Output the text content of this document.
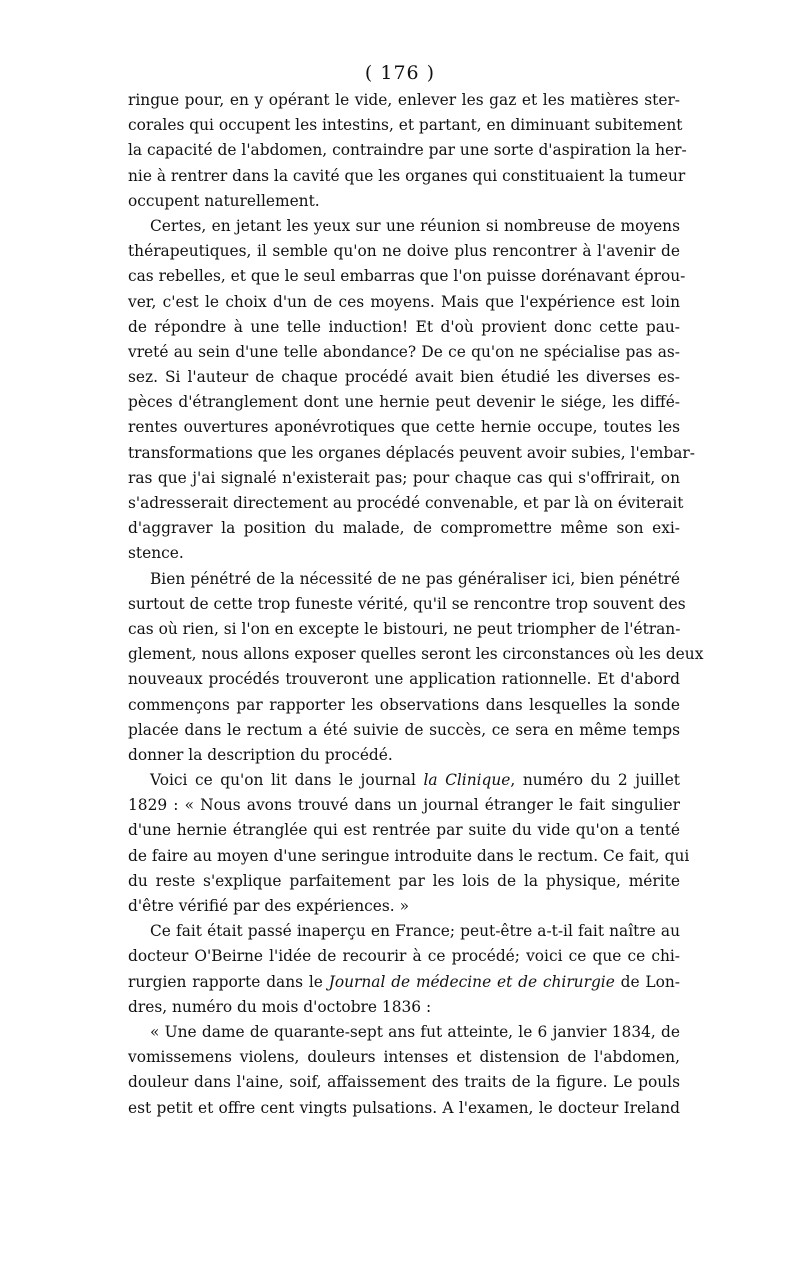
( 176 )
ringue pour, en y opérant le vide, enlever les gaz et les matières ster-
corales qui occupent les intestins, et partant, en diminuant subitement
la capacité de l'abdomen, contraindre par une sorte d'aspiration la her-
nie à rentrer dans la cavité que les organes qui constituaient la tumeur
occupent naturellement.
Certes, en jetant les yeux sur une réunion si nombreuse de moyens
thérapeutiques, il semble qu'on ne doive plus rencontrer à l'avenir de
cas rebelles, et que le seul embarras que l'on puisse dorénavant éprou-
ver, c'est le choix d'un de ces moyens. Mais que l'expérience est loin
de répondre à une telle induction! Et d'où provient donc cette pau-
vreté au sein d'une telle abondance? De ce qu'on ne spécialise pas as-
sez. Si l'auteur de chaque procédé avait bien étudié les diverses es-
pèces d'étranglement dont une hernie peut devenir le siége, les diffé-
rentes ouvertures aponévrotiques que cette hernie occupe, toutes les
transformations que les organes déplacés peuvent avoir subies, l'embar-
ras que j'ai signalé n'existerait pas; pour chaque cas qui s'offrirait, on
s'adresserait directement au procédé convenable, et par là on éviterait
d'aggraver la position du malade, de compromettre même son exi-
stence.
Bien pénétré de la nécessité de ne pas généraliser ici, bien pénétré
surtout de cette trop funeste vérité, qu'il se rencontre trop souvent des
cas où rien, si l'on en excepte le bistouri, ne peut triompher de l'étran-
glement, nous allons exposer quelles seront les circonstances où les deux
nouveaux procédés trouveront une application rationnelle. Et d'abord
commençons par rapporter les observations dans lesquelles la sonde
placée dans le rectum a été suivie de succès, ce sera en même temps
donner la description du procédé.
Voici ce qu'on lit dans le journal la Clinique, numéro du 2 juillet
1829 : « Nous avons trouvé dans un journal étranger le fait singulier
d'une hernie étranglée qui est rentrée par suite du vide qu'on a tenté
de faire au moyen d'une seringue introduite dans le rectum. Ce fait, qui
du reste s'explique parfaitement par les lois de la physique, mérite
d'être vérifié par des expériences. »
Ce fait était passé inaperçu en France; peut-être a-t-il fait naître au
docteur O'Beirne l'idée de recourir à ce procédé; voici ce que ce chi-
rurgien rapporte dans le Journal de médecine et de chirurgie de Lon-
dres, numéro du mois d'octobre 1836 :
« Une dame de quarante-sept ans fut atteinte, le 6 janvier 1834, de
vomissemens violens, douleurs intenses et distension de l'abdomen,
douleur dans l'aine, soif, affaissement des traits de la figure. Le pouls
est petit et offre cent vingts pulsations. A l'examen, le docteur Ireland
